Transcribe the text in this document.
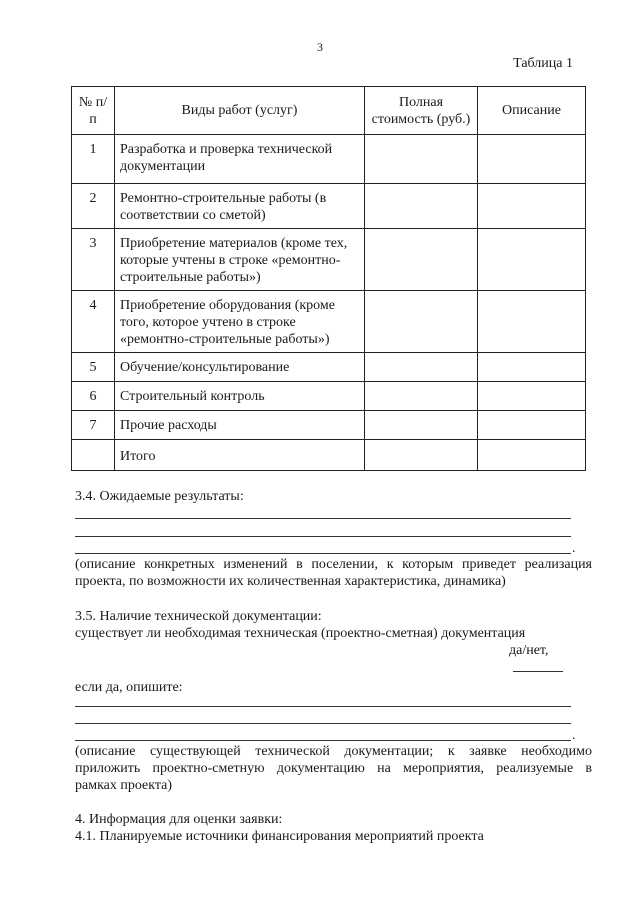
3
Таблица 1
№ п/п	Виды работ (услуг)	Полная стоимость (руб.)	Описание
1	Разработка и проверка технической документации		
2	Ремонтно-строительные работы (в соответствии со сметой)		
3	Приобретение материалов (кроме тех, которые учтены в строке «ремонтно-строительные работы»)		
4	Приобретение оборудования (кроме того, которое учтено в строке «ремонтно-строительные работы»)		
5	Обучение/консультирование		
6	Строительный контроль		
7	Прочие расходы		
	Итого		
3.4. Ожидаемые результаты:
.
(описание конкретных изменений в поселении, к которым приведет реализация
проекта, по возможности их количественная характеристика, динамика)
3.5. Наличие технической документации:
существует ли необходимая техническая (проектно-сметная) документация
да/нет,
если да, опишите:
.
(описание существующей технической документации; к заявке необходимо
приложить проектно-сметную документацию на мероприятия, реализуемые в
рамках проекта)
4. Информация для оценки заявки:
4.1. Планируемые источники финансирования мероприятий проекта
